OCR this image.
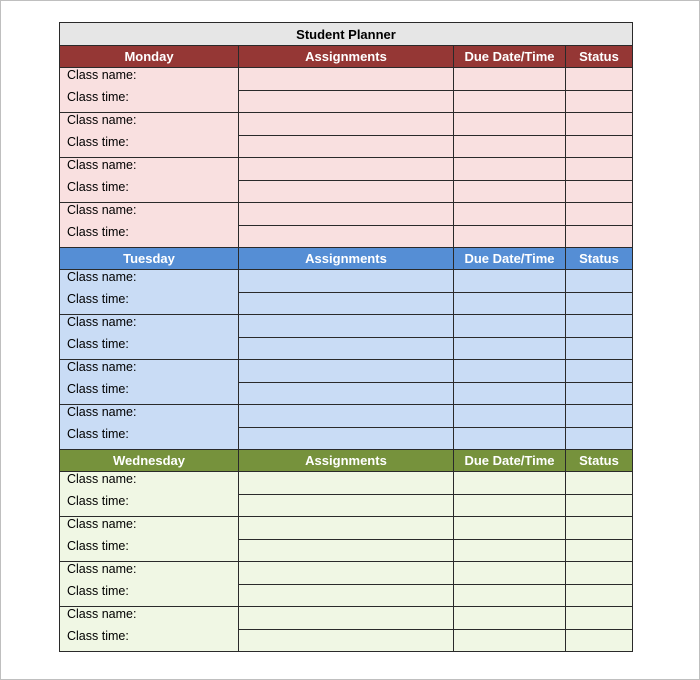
Student Planner			
Monday	Assignments	Due Date/Time	Status

Class name:
Class time:			

Class name:
Class time:			

Class name:
Class time:			

Class name:
Class time:			

Tuesday	Assignments	Due Date/Time	Status

Class name:
Class time:			

Class name:
Class time:			

Class name:
Class time:			

Class name:
Class time:			

Wednesday	Assignments	Due Date/Time	Status

Class name:
Class time:			

Class name:
Class time:			

Class name:
Class time:			

Class name:
Class time:			
